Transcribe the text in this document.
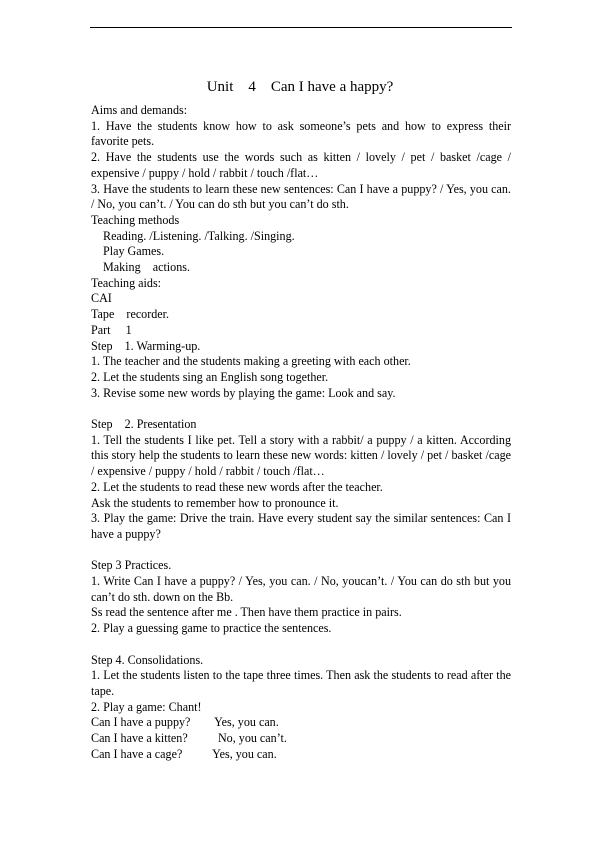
Unit    4    Can I have a happy?

Aims and demands:

1. Have the students know how to ask someone’s pets and how to express their favorite pets.

2. Have the students use the words such as kitten / lovely / pet / basket /cage / expensive / puppy / hold / rabbit / touch /flat…

3. Have the students to learn these new sentences: Can I have a puppy? / Yes, you can. / No, you can’t. / You can do sth but you can’t do sth.

Teaching methods

Reading. /Listening. /Talking. /Singing.

Play Games.

Making    actions.

Teaching aids:

CAI

Tape    recorder.

Part     1

Step    1. Warming-up.

1. The teacher and the students making a greeting with each other.

2. Let the students sing an English song together.

3. Revise some new words by playing the game: Look and say.

Step    2. Presentation

1. Tell the students I like pet. Tell a story with a rabbit/ a puppy / a kitten. According this story help the students to learn these new words: kitten / lovely / pet / basket /cage / expensive / puppy / hold / rabbit / touch /flat…

2. Let the students to read these new words after the teacher.

Ask the students to remember how to pronounce it.

3. Play the game: Drive the train. Have every student say the similar sentences: Can I have a puppy?

Step 3 Practices.

1. Write Can I have a puppy? / Yes, you can. / No, youcan’t. / You can do sth but you can’t do sth. down on the Bb.

Ss read the sentence after me . Then have them practice in pairs.

2. Play a guessing game to practice the sentences.

Step 4. Consolidations.

1. Let the students listen to the tape three times. Then ask the students to read after the tape.

2. Play a game: Chant!

Can I have a puppy?        Yes, you can.

Can I have a kitten?          No, you can’t.

Can I have a cage?          Yes, you can.
